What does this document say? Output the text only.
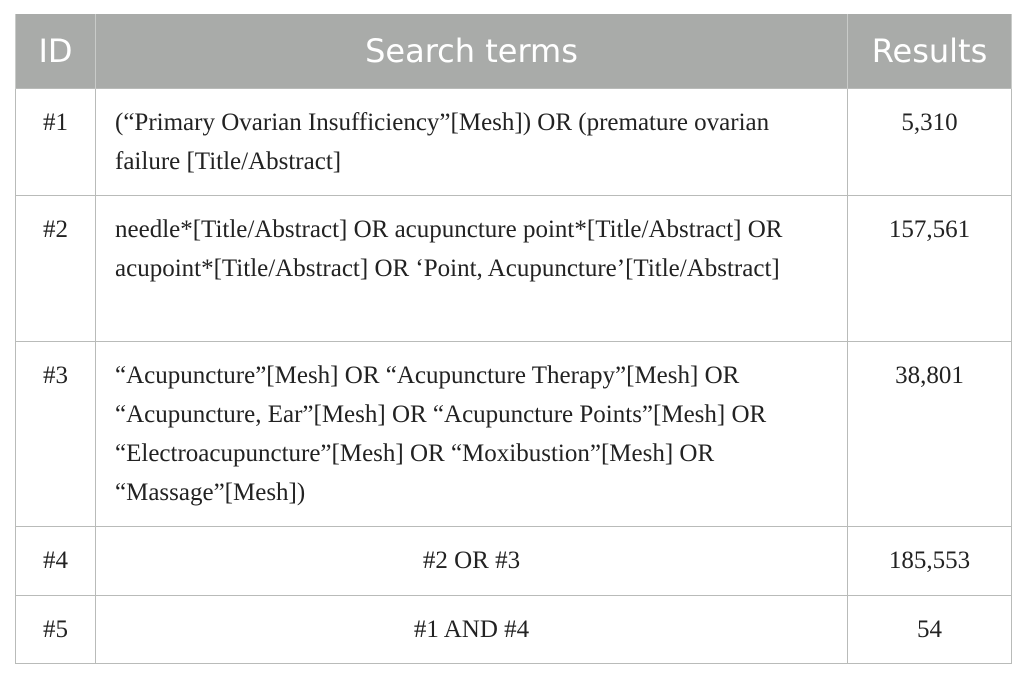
ID	Search terms	Results
#1	(“Primary Ovarian Insufficiency”[Mesh]) OR (premature ovarian failure [Title/Abstract]	5,310
#2	needle*[Title/Abstract] OR acupuncture point*[Title/Abstract] OR acupoint*[Title/Abstract] OR ‘Point, Acupuncture’[Title/Abstract]	157,561
#3	“Acupuncture”[Mesh] OR “Acupuncture Therapy”[Mesh] OR “Acupuncture, Ear”[Mesh] OR “Acupuncture Points”[Mesh] OR “Electroacupuncture”[Mesh] OR “Moxibustion”[Mesh] OR “Massage”[Mesh])	38,801
#4	#2 OR #3	185,553
#5	#1 AND #4	54
